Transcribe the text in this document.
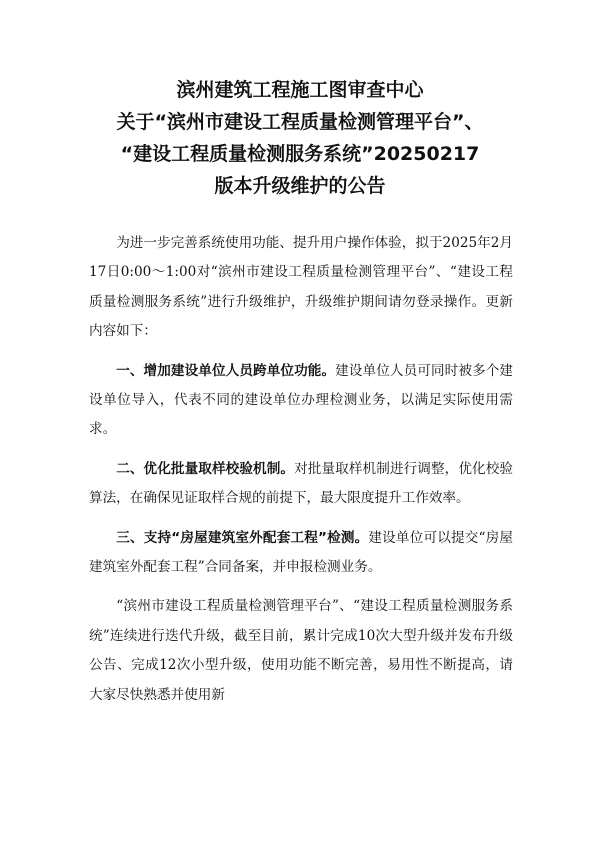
滨州建筑工程施工图审查中心
关于“滨州市建设工程质量检测管理平台”、
“建设工程质量检测服务系统”20250217
版本升级维护的公告

为进一步完善系统使用功能、提升用户操作体验，拟于2025年2月17日0:00～1:00对“滨州市建设工程质量检测管理平台”、“建设工程质量检测服务系统”进行升级维护，升级维护期间请勿登录操作。更新内容如下：

一、增加建设单位人员跨单位功能。建设单位人员可同时被多个建设单位导入，代表不同的建设单位办理检测业务，以满足实际使用需求。

二、优化批量取样校验机制。对批量取样机制进行调整，优化校验算法，在确保见证取样合规的前提下，最大限度提升工作效率。

三、支持“房屋建筑室外配套工程”检测。建设单位可以提交“房屋建筑室外配套工程”合同备案，并申报检测业务。

“滨州市建设工程质量检测管理平台”、“建设工程质量检测服务系统”连续进行迭代升级，截至目前，累计完成10次大型升级并发布升级公告、完成12次小型升级，使用功能不断完善，易用性不断提高，请大家尽快熟悉并使用新
